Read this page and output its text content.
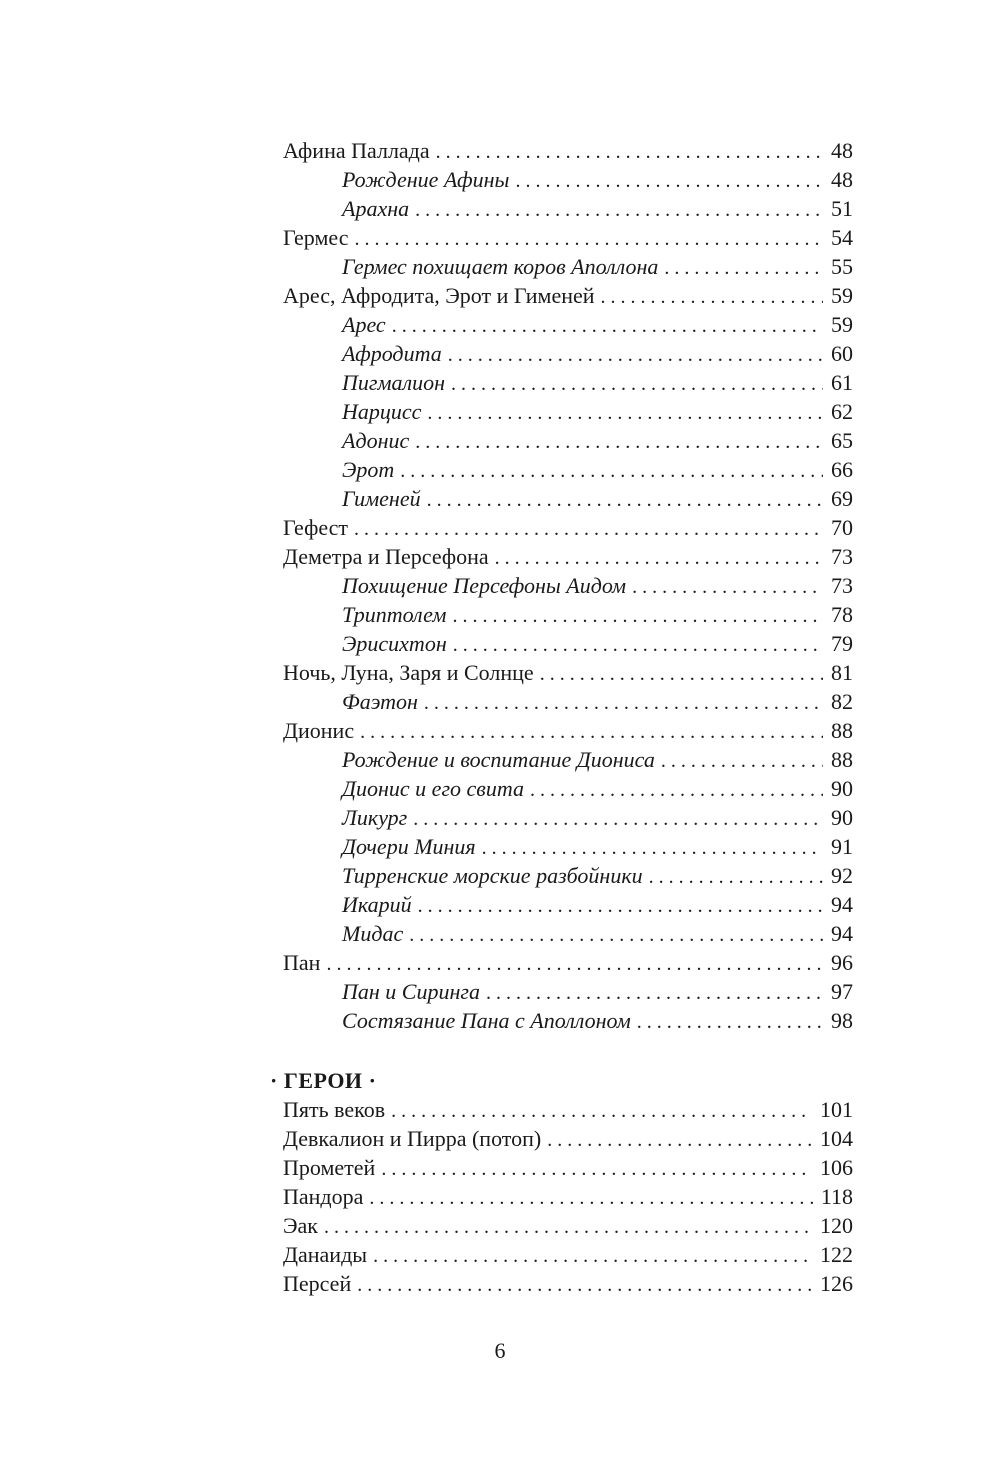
Афина Паллада . . .	48
Рождение Афины . . .	48
Арахна . . .	51
Гермес . . .	54
Гермес похищает коров Аполлона . . .	55
Арес, Афродита, Эрот и Гименей . . .	59
Арес . . .	59
Афродита . . .	60
Пигмалион . . .	61
Нарцисс . . .	62
Адонис . . .	65
Эрот . . .	66
Гименей . . .	69
Гефест . . .	70
Деметра и Персефона . . .	73
Похищение Персефоны Аидом . . .	73
Триптолем . . .	78
Эрисихтон . . .	79
Ночь, Луна, Заря и Солнце . . .	81
Фаэтон . . .	82
Дионис . . .	88
Рождение и воспитание Диониса . . .	88
Дионис и его свита . . .	90
Ликург . . .	90
Дочери Миния . . .	91
Тирренские морские разбойники . . .	92
Икарий . . .	94
Мидас . . .	94
Пан . . .	96
Пан и Сиринга . . .	97
Состязание Пана с Аполлоном . . .	98
· ГЕРОИ ·
Пять веков . . .	101
Девкалион и Пирра (потоп) . . .	104
Прометей . . .	106
Пандора . . .	118
Эак . . .	120
Данаиды . . .	122
Персей . . .	126
6
